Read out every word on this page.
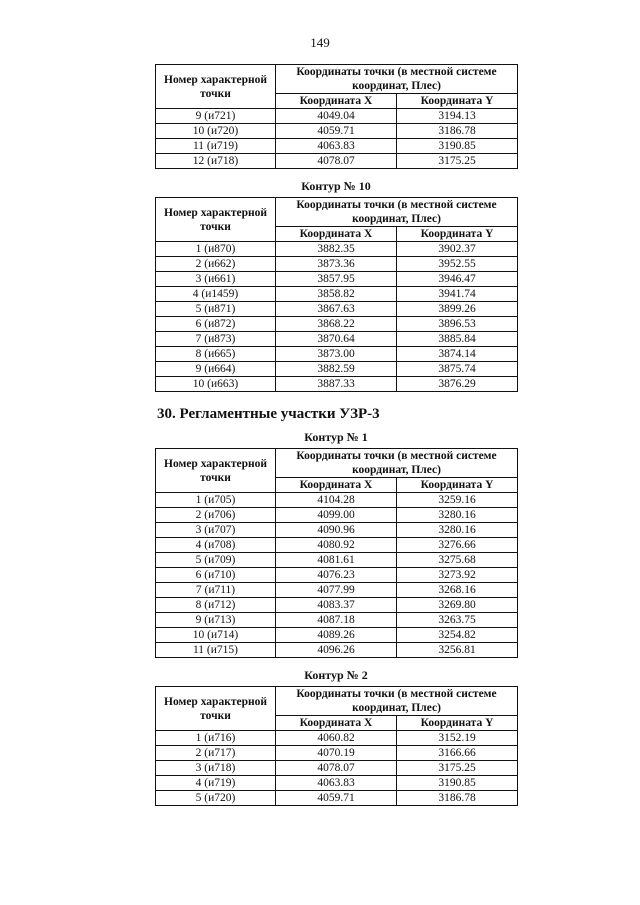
149
Номер характерной точки	Координаты точки (в местной системе координат, Плес)	
	Координата X	Координата Y
9 (и721)	4049.04	3194.13
10 (и720)	4059.71	3186.78
11 (и719)	4063.83	3190.85
12 (и718)	4078.07	3175.25
Контур № 10
Номер характерной точки	Координаты точки (в местной системе координат, Плес)	
	Координата X	Координата Y
1 (и870)	3882.35	3902.37
2 (и662)	3873.36	3952.55
3 (и661)	3857.95	3946.47
4 (и1459)	3858.82	3941.74
5 (и871)	3867.63	3899.26
6 (и872)	3868.22	3896.53
7 (и873)	3870.64	3885.84
8 (и665)	3873.00	3874.14
9 (и664)	3882.59	3875.74
10 (и663)	3887.33	3876.29
30. Регламентные участки УЗР-3
Контур № 1
Номер характерной точки	Координаты точки (в местной системе координат, Плес)	
	Координата X	Координата Y
1 (и705)	4104.28	3259.16
2 (и706)	4099.00	3280.16
3 (и707)	4090.96	3280.16
4 (и708)	4080.92	3276.66
5 (и709)	4081.61	3275.68
6 (и710)	4076.23	3273.92
7 (и711)	4077.99	3268.16
8 (и712)	4083.37	3269.80
9 (и713)	4087.18	3263.75
10 (и714)	4089.26	3254.82
11 (и715)	4096.26	3256.81
Контур № 2
Номер характерной точки	Координаты точки (в местной системе координат, Плес)	
	Координата X	Координата Y
1 (и716)	4060.82	3152.19
2 (и717)	4070.19	3166.66
3 (и718)	4078.07	3175.25
4 (и719)	4063.83	3190.85
5 (и720)	4059.71	3186.78
